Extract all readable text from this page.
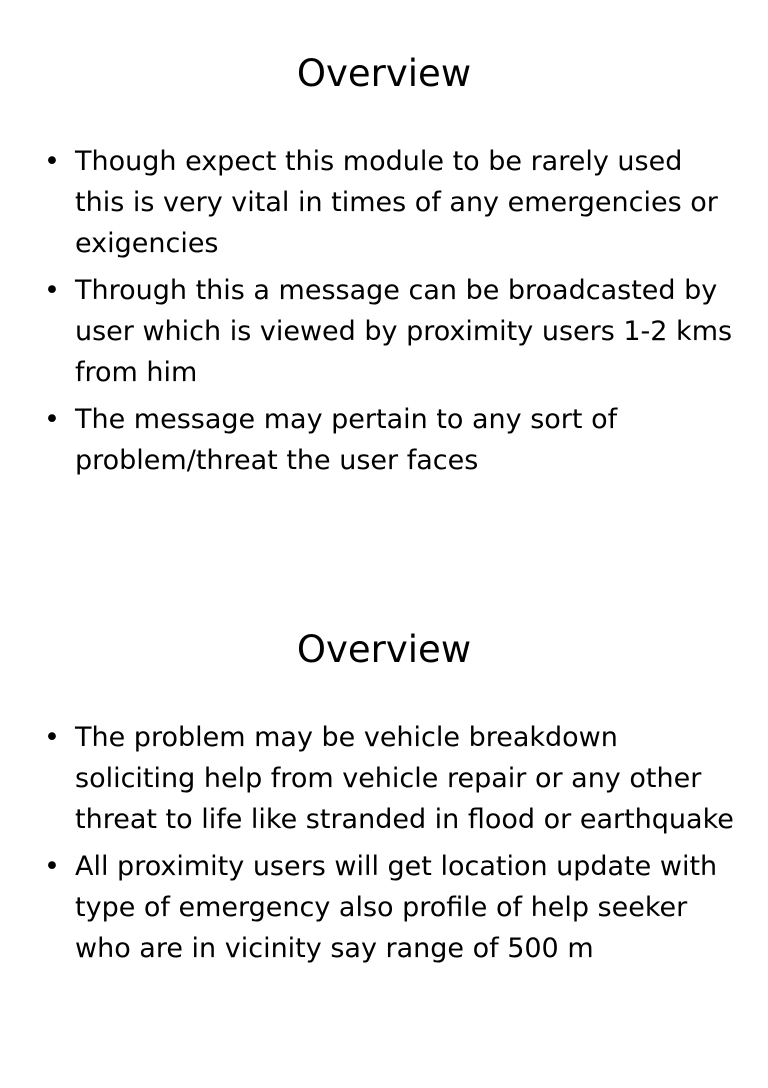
Overview
• Though expect this module to be rarely used this is very vital in times of any emergencies or exigencies
• Through this a message can be broadcasted by user which is viewed by proximity users 1-2 kms from him
• The message may pertain to any sort of problem/threat the user faces
Overview
• The problem may be vehicle breakdown soliciting help from vehicle repair or any other threat to life like stranded in flood or earthquake
• All proximity users will get location update with type of emergency also profile of help seeker who are in vicinity say range of 500 m
